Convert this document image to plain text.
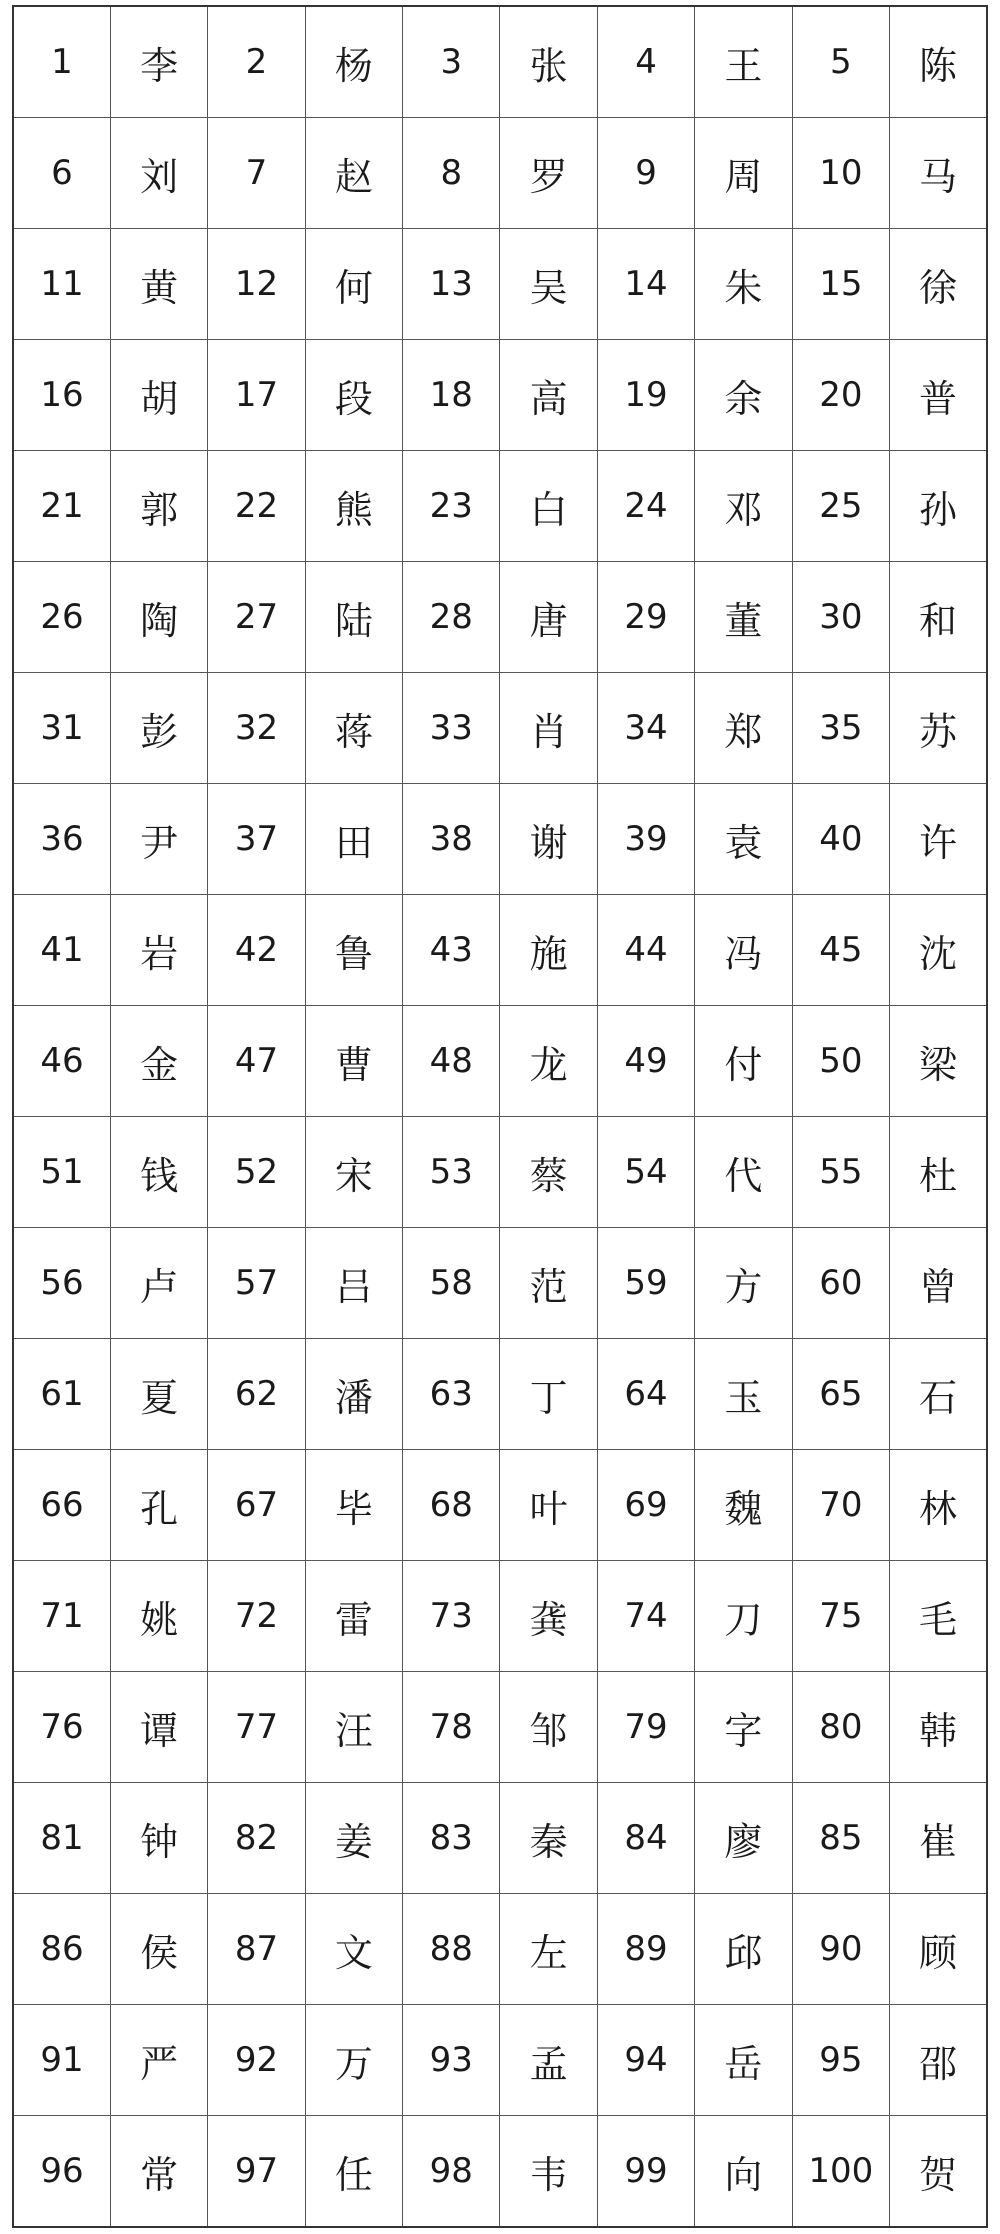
1	李	2	杨	3	张	4	王	5	陈
6	刘	7	赵	8	罗	9	周	10	马
11	黄	12	何	13	吴	14	朱	15	徐
16	胡	17	段	18	高	19	余	20	普
21	郭	22	熊	23	白	24	邓	25	孙
26	陶	27	陆	28	唐	29	董	30	和
31	彭	32	蒋	33	肖	34	郑	35	苏
36	尹	37	田	38	谢	39	袁	40	许
41	岩	42	鲁	43	施	44	冯	45	沈
46	金	47	曹	48	龙	49	付	50	梁
51	钱	52	宋	53	蔡	54	代	55	杜
56	卢	57	吕	58	范	59	方	60	曾
61	夏	62	潘	63	丁	64	玉	65	石
66	孔	67	毕	68	叶	69	魏	70	林
71	姚	72	雷	73	龚	74	刀	75	毛
76	谭	77	汪	78	邹	79	字	80	韩
81	钟	82	姜	83	秦	84	廖	85	崔
86	侯	87	文	88	左	89	邱	90	顾
91	严	92	万	93	孟	94	岳	95	邵
96	常	97	任	98	韦	99	向	100	贺
